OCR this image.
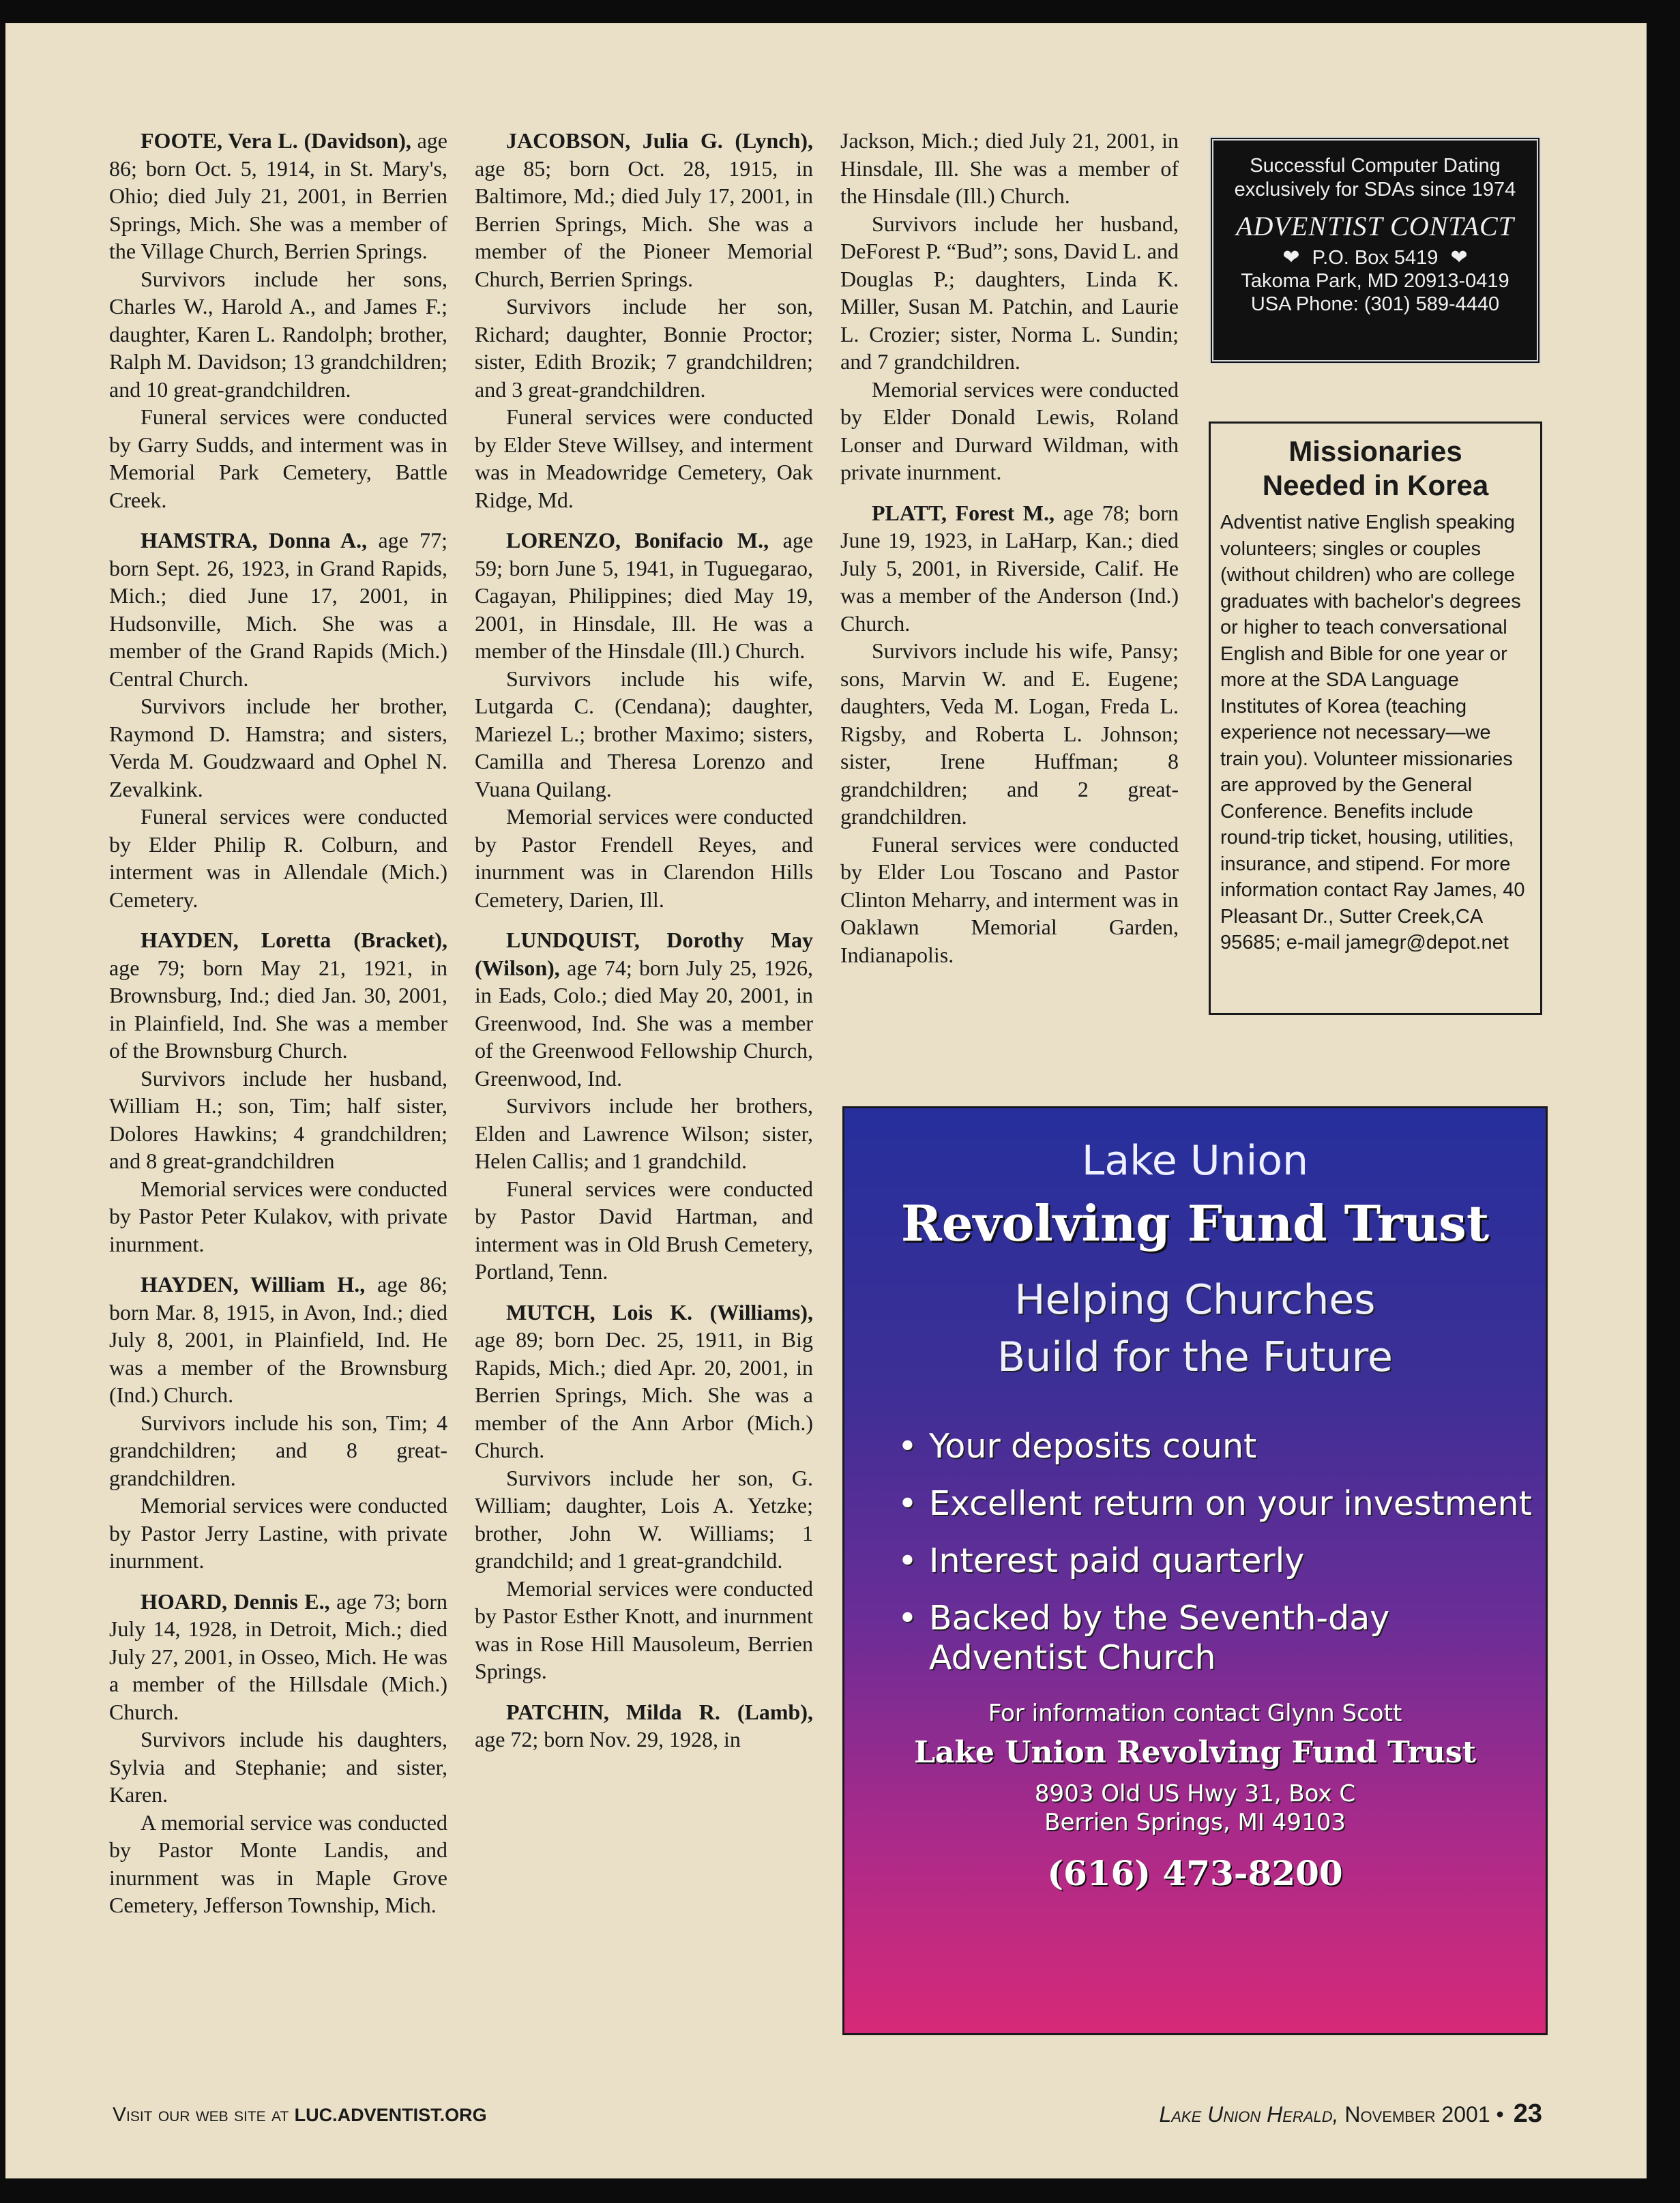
FOOTE, Vera L. (Davidson), age 86; born Oct. 5, 1914, in St. Mary's, Ohio; died July 21, 2001, in Berrien Springs, Mich. She was a member of the Village Church, Berrien Springs.

Survivors include her sons, Charles W., Harold A., and James F.; daughter, Karen L. Randolph; brother, Ralph M. Davidson; 13 grandchildren; and 10 great-grandchildren.

Funeral services were conducted by Garry Sudds, and interment was in Memorial Park Cemetery, Battle Creek.

HAMSTRA, Donna A., age 77; born Sept. 26, 1923, in Grand Rapids, Mich.; died June 17, 2001, in Hudsonville, Mich. She was a member of the Grand Rapids (Mich.) Central Church.

Survivors include her brother, Raymond D. Hamstra; and sisters, Verda M. Goudzwaard and Ophel N. Zevalkink.

Funeral services were conducted by Elder Philip R. Colburn, and interment was in Allendale (Mich.) Cemetery.

HAYDEN, Loretta (Bracket), age 79; born May 21, 1921, in Brownsburg, Ind.; died Jan. 30, 2001, in Plainfield, Ind. She was a member of the Brownsburg Church.

Survivors include her husband, William H.; son, Tim; half sister, Dolores Hawkins; 4 grandchildren; and 8 great-grandchildren

Memorial services were conducted by Pastor Peter Kulakov, with private inurnment.

HAYDEN, William H., age 86; born Mar. 8, 1915, in Avon, Ind.; died July 8, 2001, in Plainfield, Ind. He was a member of the Brownsburg (Ind.) Church.

Survivors include his son, Tim; 4 grandchildren; and 8 great-grandchildren.

Memorial services were conducted by Pastor Jerry Lastine, with private inurnment.

HOARD, Dennis E., age 73; born July 14, 1928, in Detroit, Mich.; died July 27, 2001, in Osseo, Mich. He was a member of the Hillsdale (Mich.) Church.

Survivors include his daughters, Sylvia and Stephanie; and sister, Karen.

A memorial service was conducted by Pastor Monte Landis, and inurnment was in Maple Grove Cemetery, Jefferson Township, Mich.

JACOBSON, Julia G. (Lynch), age 85; born Oct. 28, 1915, in Baltimore, Md.; died July 17, 2001, in Berrien Springs, Mich. She was a member of the Pioneer Memorial Church, Berrien Springs.

Survivors include her son, Richard; daughter, Bonnie Proctor; sister, Edith Brozik; 7 grandchildren; and 3 great-grandchildren.

Funeral services were conducted by Elder Steve Willsey, and interment was in Meadowridge Cemetery, Oak Ridge, Md.

LORENZO, Bonifacio M., age 59; born June 5, 1941, in Tuguegarao, Cagayan, Philippines; died May 19, 2001, in Hinsdale, Ill. He was a member of the Hinsdale (Ill.) Church.

Survivors include his wife, Lutgarda C. (Cendana); daughter, Mariezel L.; brother Maximo; sisters, Camilla and Theresa Lorenzo and Vuana Quilang.

Memorial services were conducted by Pastor Frendell Reyes, and inurnment was in Clarendon Hills Cemetery, Darien, Ill.

LUNDQUIST, Dorothy May (Wilson), age 74; born July 25, 1926, in Eads, Colo.; died May 20, 2001, in Greenwood, Ind. She was a member of the Greenwood Fellowship Church, Greenwood, Ind.

Survivors include her brothers, Elden and Lawrence Wilson; sister, Helen Callis; and 1 grandchild.

Funeral services were conducted by Pastor David Hartman, and interment was in Old Brush Cemetery, Portland, Tenn.

MUTCH, Lois K. (Williams), age 89; born Dec. 25, 1911, in Big Rapids, Mich.; died Apr. 20, 2001, in Berrien Springs, Mich. She was a member of the Ann Arbor (Mich.) Church.

Survivors include her son, G. William; daughter, Lois A. Yetzke; brother, John W. Williams; 1 grandchild; and 1 great-grandchild.

Memorial services were conducted by Pastor Esther Knott, and inurnment was in Rose Hill Mausoleum, Berrien Springs.

PATCHIN, Milda R. (Lamb), age 72; born Nov. 29, 1928, in

Jackson, Mich.; died July 21, 2001, in Hinsdale, Ill. She was a member of the Hinsdale (Ill.) Church.

Survivors include her husband, DeForest P. “Bud”; sons, David L. and Douglas P.; daughters, Linda K. Miller, Susan M. Patchin, and Laurie L. Crozier; sister, Norma L. Sundin; and 7 grandchildren.

Memorial services were conducted by Elder Donald Lewis, Roland Lonser and Durward Wildman, with private inurnment.

PLATT, Forest M., age 78; born June 19, 1923, in LaHarp, Kan.; died July 5, 2001, in Riverside, Calif. He was a member of the Anderson (Ind.) Church.

Survivors include his wife, Pansy; sons, Marvin W. and E. Eugene; daughters, Veda M. Logan, Freda L. Rigsby, and Roberta L. Johnson; sister, Irene Huffman; 8 grandchildren; and 2 great-grandchildren.

Funeral services were conducted by Elder Lou Toscano and Pastor Clinton Meharry, and interment was in Oaklawn Memorial Garden, Indianapolis.

Successful Computer Dating
exclusively for SDAs since 1974
ADVENTIST CONTACT
❤ P.O. Box 5419 ❤
Takoma Park, MD 20913-0419
USA Phone: (301) 589-4440
Missionaries
Needed in Korea
Adventist native English speaking volunteers; singles or couples (without children) who are college graduates with bachelor's degrees or higher to teach conversational English and Bible for one year or more at the SDA Language Institutes of Korea (teaching experience not necessary—we train you). Volunteer missionaries are approved by the General Conference. Benefits include round-trip ticket, housing, utilities, insurance, and stipend. For more information contact Ray James, 40 Pleasant Dr., Sutter Creek,CA 95685; e-mail jamegr@depot.net
Lake Union
Revolving Fund Trust
Helping Churches
Build for the Future
• Your deposits count
• Excellent return on your investment
• Interest paid quarterly
• Backed by the Seventh-day Adventist Church
For information contact Glynn Scott
Lake Union Revolving Fund Trust
8903 Old US Hwy 31, Box C
Berrien Springs, MI 49103
(616) 473-8200
Visit our web site at LUC.ADVENTIST.ORG	Lake Union Herald, November 2001 • 23
